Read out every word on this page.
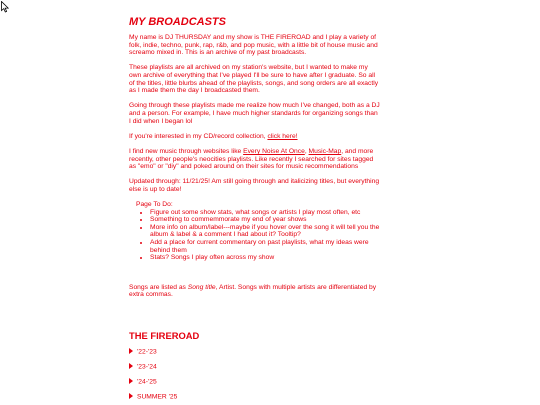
MY BROADCASTS

My name is DJ THURSDAY and my show is THE FIREROAD and I play a variety of folk, indie, techno, punk, rap, r&b, and pop music, with a little bit of house music and screamo mixed in. This is an archive of my past broadcasts.

These playlists are all archived on my station's website, but I wanted to make my own archive of everything that I've played I'll be sure to have after I graduate. So all of the titles, little blurbs ahead of the playlists, songs, and song orders are all exactly as I made them the day I broadcasted them.

Going through these playlists made me realize how much I've changed, both as a DJ and a person. For example, I have much higher standards for organizing songs than I did when I began lol

If you're interested in my CD/record collection, click here!

I find new music through websites like Every Noise At Once, Music-Map, and more recently, other people's neocities playlists. Like recently I searched for sites tagged as "emo" or "diy" and poked around on their sites for music recommendations

Updated through: 11/21/25! Am still going through and italicizing titles, but everything else is up to date!

Page To Do:
• Figure out some show stats, what songs or artists I play most often, etc
• Something to commemmorate my end of year shows
• More info on album/label---maybe if you hover over the song it will tell you the album & label & a comment I had about it? Tooltip?
• Add a place for current commentary on past playlists, what my ideas were behind them
• Stats? Songs I play often across my show

Songs are listed as Song title, Artist. Songs with multiple artists are differentiated by extra commas.

THE FIREROAD
'22-'23
'23-'24
'24-'25
SUMMER '25
